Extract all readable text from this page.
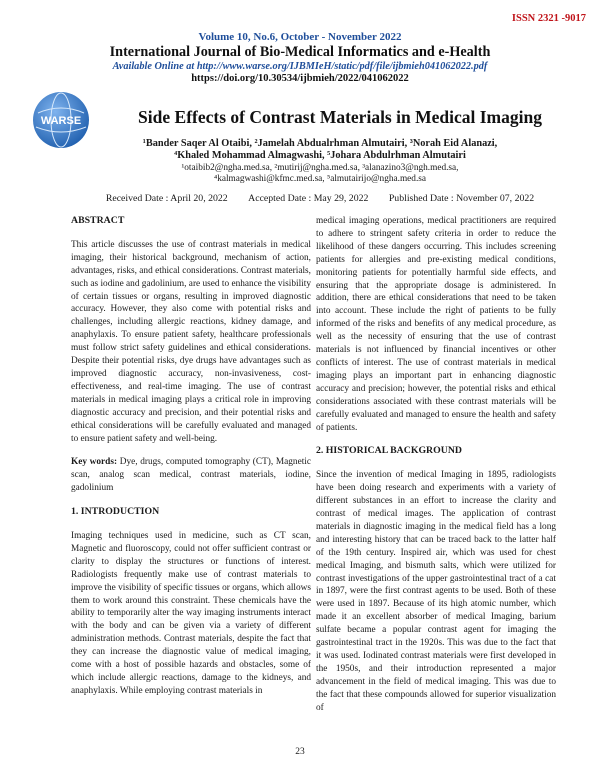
ISSN 2321 -9017

Volume 10, No.6, October - November 2022

International Journal of Bio-Medical Informatics and e-Health

Available Online at http://www.warse.org/IJBMIeH/static/pdf/file/ijbmieh041062022.pdf

https://doi.org/10.30534/ijbmieh/2022/041062022

WARSE	Side Effects of Contrast Materials in Medical Imaging

¹Bander Saqer Al Otaibi, ²Jamelah Abdualrhman Almutairi, ³Norah Eid Alanazi,

⁴Khaled Mohammad Almagwashi, ⁵Johara Abdulrhman Almutairi

¹otaibib2@ngha.med.sa, ²mutirij@ngha.med.sa, ³alanazino3@ngh.med.sa,

⁴kalmagwashi@kfmc.med.sa, ⁵almutairijo@ngha.med.sa

Received Date : April 20, 2022 Accepted Date : May 29, 2022 Published Date : November 07, 2022

ABSTRACT

This article discusses the use of contrast materials in medical imaging, their historical background, mechanism of action, advantages, risks, and ethical considerations. Contrast materials, such as iodine and gadolinium, are used to enhance the visibility of certain tissues or organs, resulting in improved diagnostic accuracy. However, they also come with potential risks and challenges, including allergic reactions, kidney damage, and anaphylaxis. To ensure patient safety, healthcare professionals must follow strict safety guidelines and ethical considerations. Despite their potential risks, dye drugs have advantages such as improved diagnostic accuracy, non-invasiveness, cost-effectiveness, and real-time imaging. The use of contrast materials in medical imaging plays a critical role in improving diagnostic accuracy and precision, and their potential risks and ethical considerations will be carefully evaluated and managed to ensure patient safety and well-being.

Key words: Dye, drugs, computed tomography (CT), Magnetic scan, analog scan medical, contrast materials, iodine, gadolinium

1. INTRODUCTION

Imaging techniques used in medicine, such as CT scan, Magnetic and fluoroscopy, could not offer sufficient contrast or clarity to display the structures or functions of interest. Radiologists frequently make use of contrast materials to improve the visibility of specific tissues or organs, which allows them to work around this constraint. These chemicals have the ability to temporarily alter the way imaging instruments interact with the body and can be given via a variety of different administration methods. Contrast materials, despite the fact that they can increase the diagnostic value of medical imaging, come with a host of possible hazards and obstacles, some of which include allergic reactions, damage to the kidneys, and anaphylaxis. While employing contrast materials in

medical imaging operations, medical practitioners are required to adhere to stringent safety criteria in order to reduce the likelihood of these dangers occurring. This includes screening patients for allergies and pre-existing medical conditions, monitoring patients for potentially harmful side effects, and ensuring that the appropriate dosage is administered. In addition, there are ethical considerations that need to be taken into account. These include the right of patients to be fully informed of the risks and benefits of any medical procedure, as well as the necessity of ensuring that the use of contrast materials is not influenced by financial incentives or other conflicts of interest. The use of contrast materials in medical imaging plays an important part in enhancing diagnostic accuracy and precision; however, the potential risks and ethical considerations associated with these contrast materials will be carefully evaluated and managed to ensure the health and safety of patients.

2. HISTORICAL BACKGROUND

Since the invention of medical Imaging in 1895, radiologists have been doing research and experiments with a variety of different substances in an effort to increase the clarity and contrast of medical images. The application of contrast materials in diagnostic imaging in the medical field has a long and interesting history that can be traced back to the latter half of the 19th century. Inspired air, which was used for chest medical Imaging, and bismuth salts, which were utilized for contrast investigations of the upper gastrointestinal tract of a cat in 1897, were the first contrast agents to be used. Both of these were used in 1897. Because of its high atomic number, which made it an excellent absorber of medical Imaging, barium sulfate became a popular contrast agent for imaging the gastrointestinal tract in the 1920s. This was due to the fact that it was used. Iodinated contrast materials were first developed in the 1950s, and their introduction represented a major advancement in the field of medical imaging. This was due to the fact that these compounds allowed for superior visualization of

23
